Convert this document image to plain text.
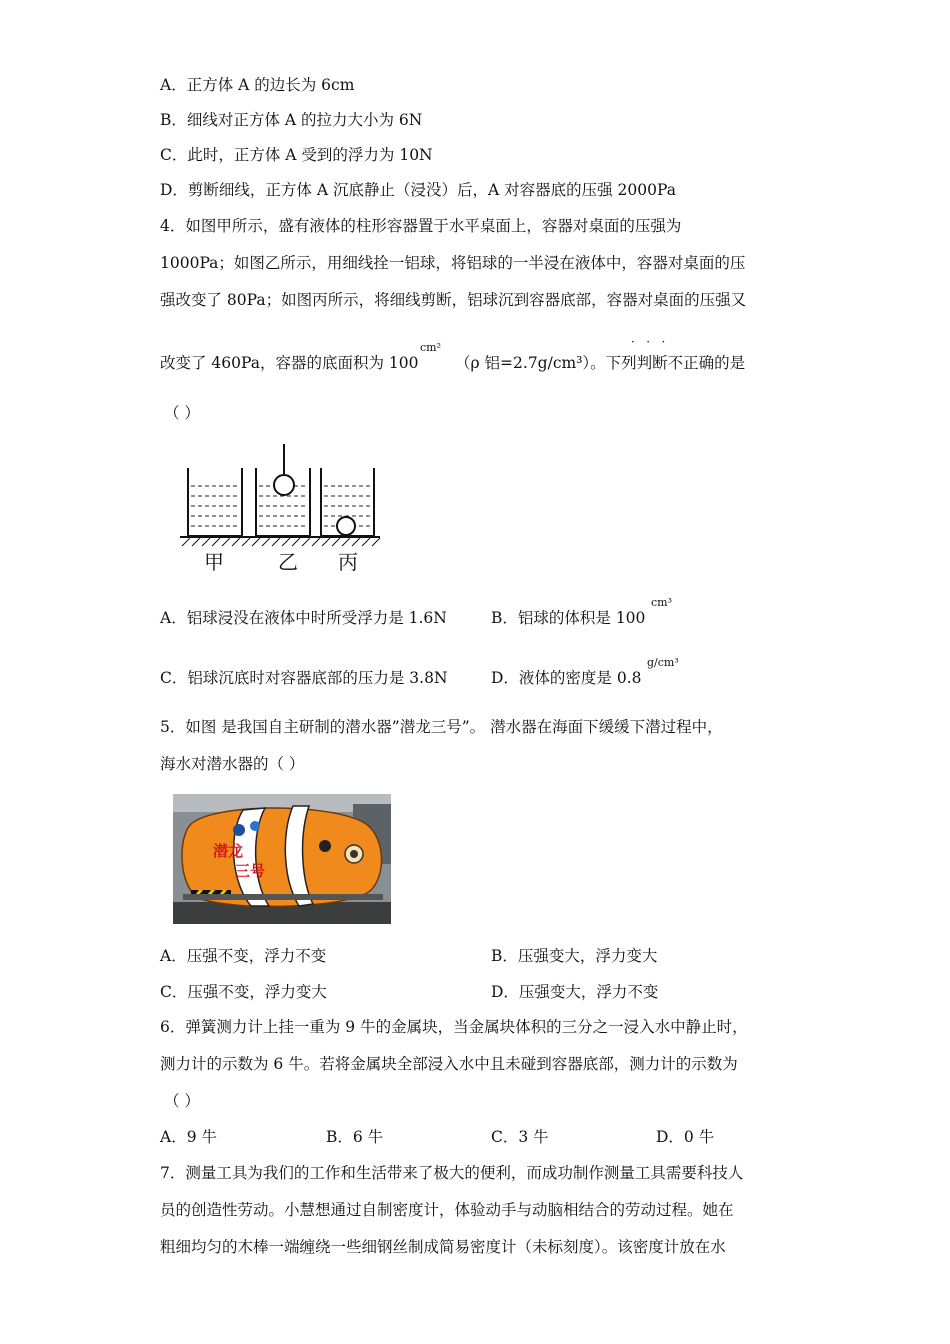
A．正方体 A 的边长为 6cm
B．细线对正方体 A 的拉力大小为 6N
C．此时，正方体 A 受到的浮力为 10N
D．剪断细线，正方体 A 沉底静止（浸没）后，A 对容器底的压强 2000Pa
4．如图甲所示，盛有液体的柱形容器置于水平桌面上，容器对桌面的压强为
1000Pa；如图乙所示，用细线拴一铝球，将铝球的一半浸在液体中，容器对桌面的压
强改变了 80Pa；如图丙所示，将细线剪断，铝球沉到容器底部，容器对桌面的压强又
改变了 460Pa，容器的底面积为 100
cm²
（ρ 铝=2.7g/cm³）。下列判断不正确的是
·   ·   ·
（ ）
甲	乙 丙
A．铝球浸没在液体中时所受浮力是 1.6N	B．铝球的体积是 100
cm³
C．铝球沉底时对容器底部的压力是 3.8N	D．液体的密度是 0.8
g/cm³
5．如图 是我国自主研制的潜水器”潜龙三号”。 潜水器在海面下缓缓下潜过程中，
海水对潜水器的（ ）
潜龙
三号
A．压强不变，浮力不变	B．压强变大，浮力变大
C．压强不变，浮力变大	D．压强变大，浮力不变
6．弹簧测力计上挂一重为 9 牛的金属块，当金属块体积的三分之一浸入水中静止时，
测力计的示数为 6 牛。若将金属块全部浸入水中且未碰到容器底部，测力计的示数为
（ ）
A．9 牛	B．6 牛	C．3 牛	D．0 牛
7．测量工具为我们的工作和生活带来了极大的便利，而成功制作测量工具需要科技人
员的创造性劳动。小慧想通过自制密度计，体验动手与动脑相结合的劳动过程。她在
粗细均匀的木棒一端缠绕一些细钢丝制成简易密度计（未标刻度）。该密度计放在水
